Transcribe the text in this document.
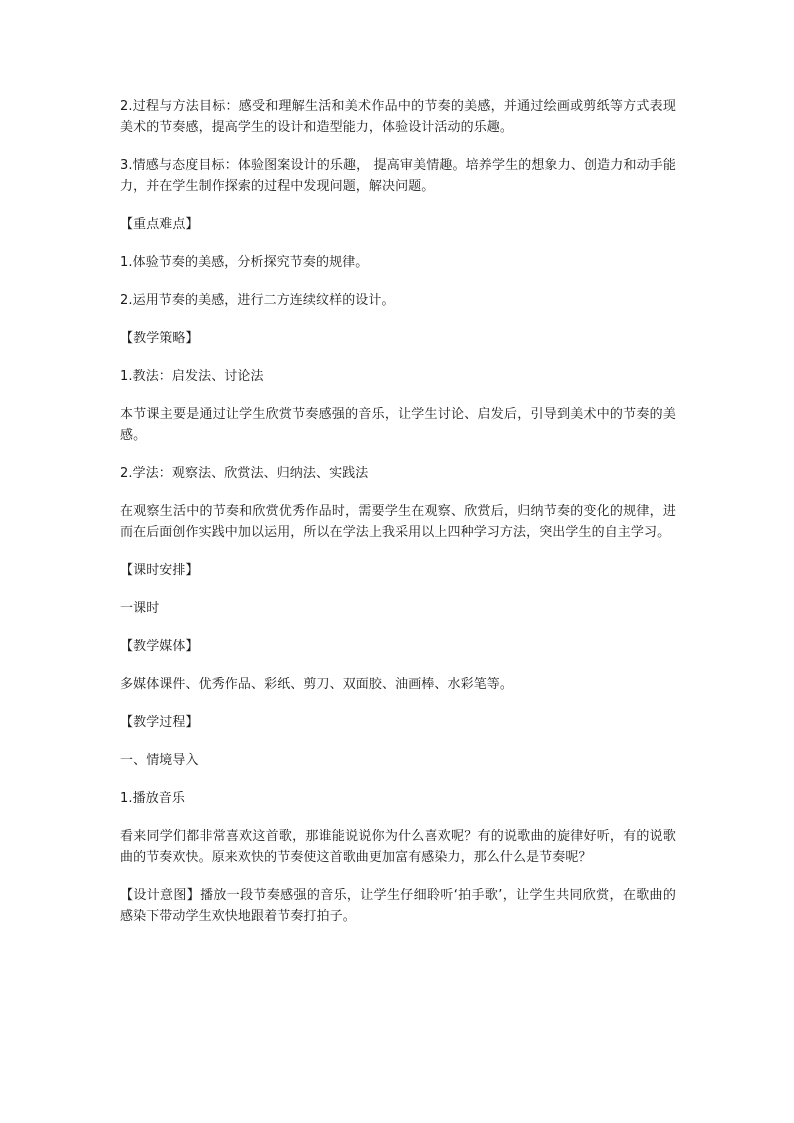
2.过程与方法目标：感受和理解生活和美术作品中的节奏的美感，并通过绘画或剪纸等方式表现美术的节奏感，提高学生的设计和造型能力，体验设计活动的乐趣。

3.情感与态度目标：体验图案设计的乐趣， 提高审美情趣。培养学生的想象力、创造力和动手能力，并在学生制作探索的过程中发现问题，解决问题。

【重点难点】

1.体验节奏的美感，分析探究节奏的规律。

2.运用节奏的美感，进行二方连续纹样的设计。

【教学策略】

1.教法：启发法、讨论法

本节课主要是通过让学生欣赏节奏感强的音乐，让学生讨论、启发后，引导到美术中的节奏的美感。

2.学法：观察法、欣赏法、归纳法、实践法

在观察生活中的节奏和欣赏优秀作品时，需要学生在观察、欣赏后，归纳节奏的变化的规律，进而在后面创作实践中加以运用，所以在学法上我采用以上四种学习方法，突出学生的自主学习。

【课时安排】

一课时

【教学媒体】

多媒体课件、优秀作品、彩纸、剪刀、双面胶、油画棒、水彩笔等。

【教学过程】

一、情境导入

1.播放音乐

看来同学们都非常喜欢这首歌，那谁能说说你为什么喜欢呢？有的说歌曲的旋律好听，有的说歌曲的节奏欢快。原来欢快的节奏使这首歌曲更加富有感染力，那么什么是节奏呢？

【设计意图】播放一段节奏感强的音乐，让学生仔细聆听‘拍手歌’，让学生共同欣赏，在歌曲的感染下带动学生欢快地跟着节奏打拍子。
